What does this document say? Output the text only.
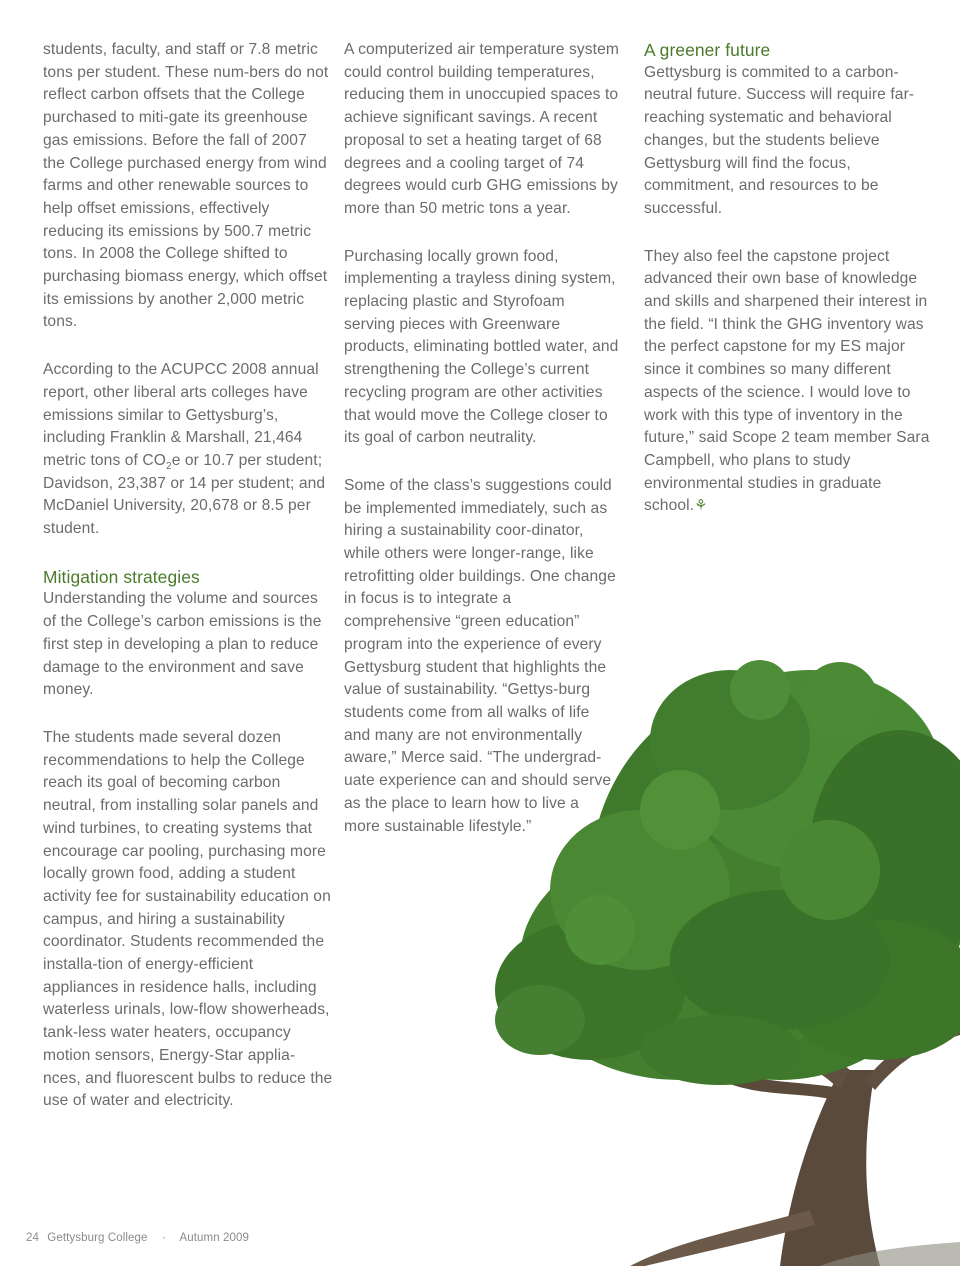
students, faculty, and staff or 7.8 metric tons per student. These num-bers do not reflect carbon offsets that the College purchased to miti-gate its greenhouse gas emissions. Before the fall of 2007 the College purchased energy from wind farms and other renewable sources to help offset emissions, effectively reducing its emissions by 500.7 metric tons. In 2008 the College shifted to purchasing biomass energy, which offset its emissions by another 2,000 metric tons.

According to the ACUPCC 2008 annual report, other liberal arts colleges have emissions similar to Gettysburg’s, including Franklin & Marshall, 21,464 metric tons of $CO_2e$ or 10.7 per student; Davidson, 23,387 or 14 per student; and McDaniel University, 20,678 or 8.5 per student.

Mitigation strategies

Understanding the volume and sources of the College’s carbon emissions is the first step in developing a plan to reduce damage to the environment and save money.

The students made several dozen recommendations to help the College reach its goal of becoming carbon neutral, from installing solar panels and wind turbines, to creating systems that encourage car pooling, purchasing more locally grown food, adding a student activity fee for sustainability education on campus, and hiring a sustainability coordinator. Students recommended the installa-tion of energy-efficient appliances in residence halls, including waterless urinals, low-flow showerheads, tank-less water heaters, occupancy motion sensors, Energy-Star applia-nces, and fluorescent bulbs to reduce the use of water and electricity.

A computerized air temperature system could control building temperatures, reducing them in unoccupied spaces to achieve significant savings. A recent proposal to set a heating target of 68 degrees and a cooling target of 74 degrees would curb GHG emissions by more than 50 metric tons a year.

Purchasing locally grown food, implementing a trayless dining system, replacing plastic and Styrofoam serving pieces with Greenware products, eliminating bottled water, and strengthening the College’s current recycling program are other activities that would move the College closer to its goal of carbon neutrality.

Some of the class’s suggestions could be implemented immediately, such as hiring a sustainability coor-dinator, while others were longer-range, like retrofitting older buildings. One change in focus is to integrate a comprehensive “green education” program into the experience of every Gettysburg student that highlights the value of sustainability. “Gettys-burg students come from all walks of life and many are not environmentally aware,” Merce said. “The undergrad-uate experience can and should serve as the place to learn how to live a more sustainable lifestyle.”

A greener future

Gettysburg is commited to a carbon-neutral future. Success will require far-reaching systematic and behavioral changes, but the students believe Gettysburg will find the focus, commitment, and resources to be successful.

They also feel the capstone project advanced their own base of knowledge and skills and sharpened their interest in the field. “I think the GHG inventory was the perfect capstone for my ES major since it combines so many different aspects of the science. I would love to work with this type of inventory in the future,” said Scope 2 team member Sara Campbell, who plans to study environmental studies in graduate school.⚘

24 Gettysburg College · Autumn 2009
